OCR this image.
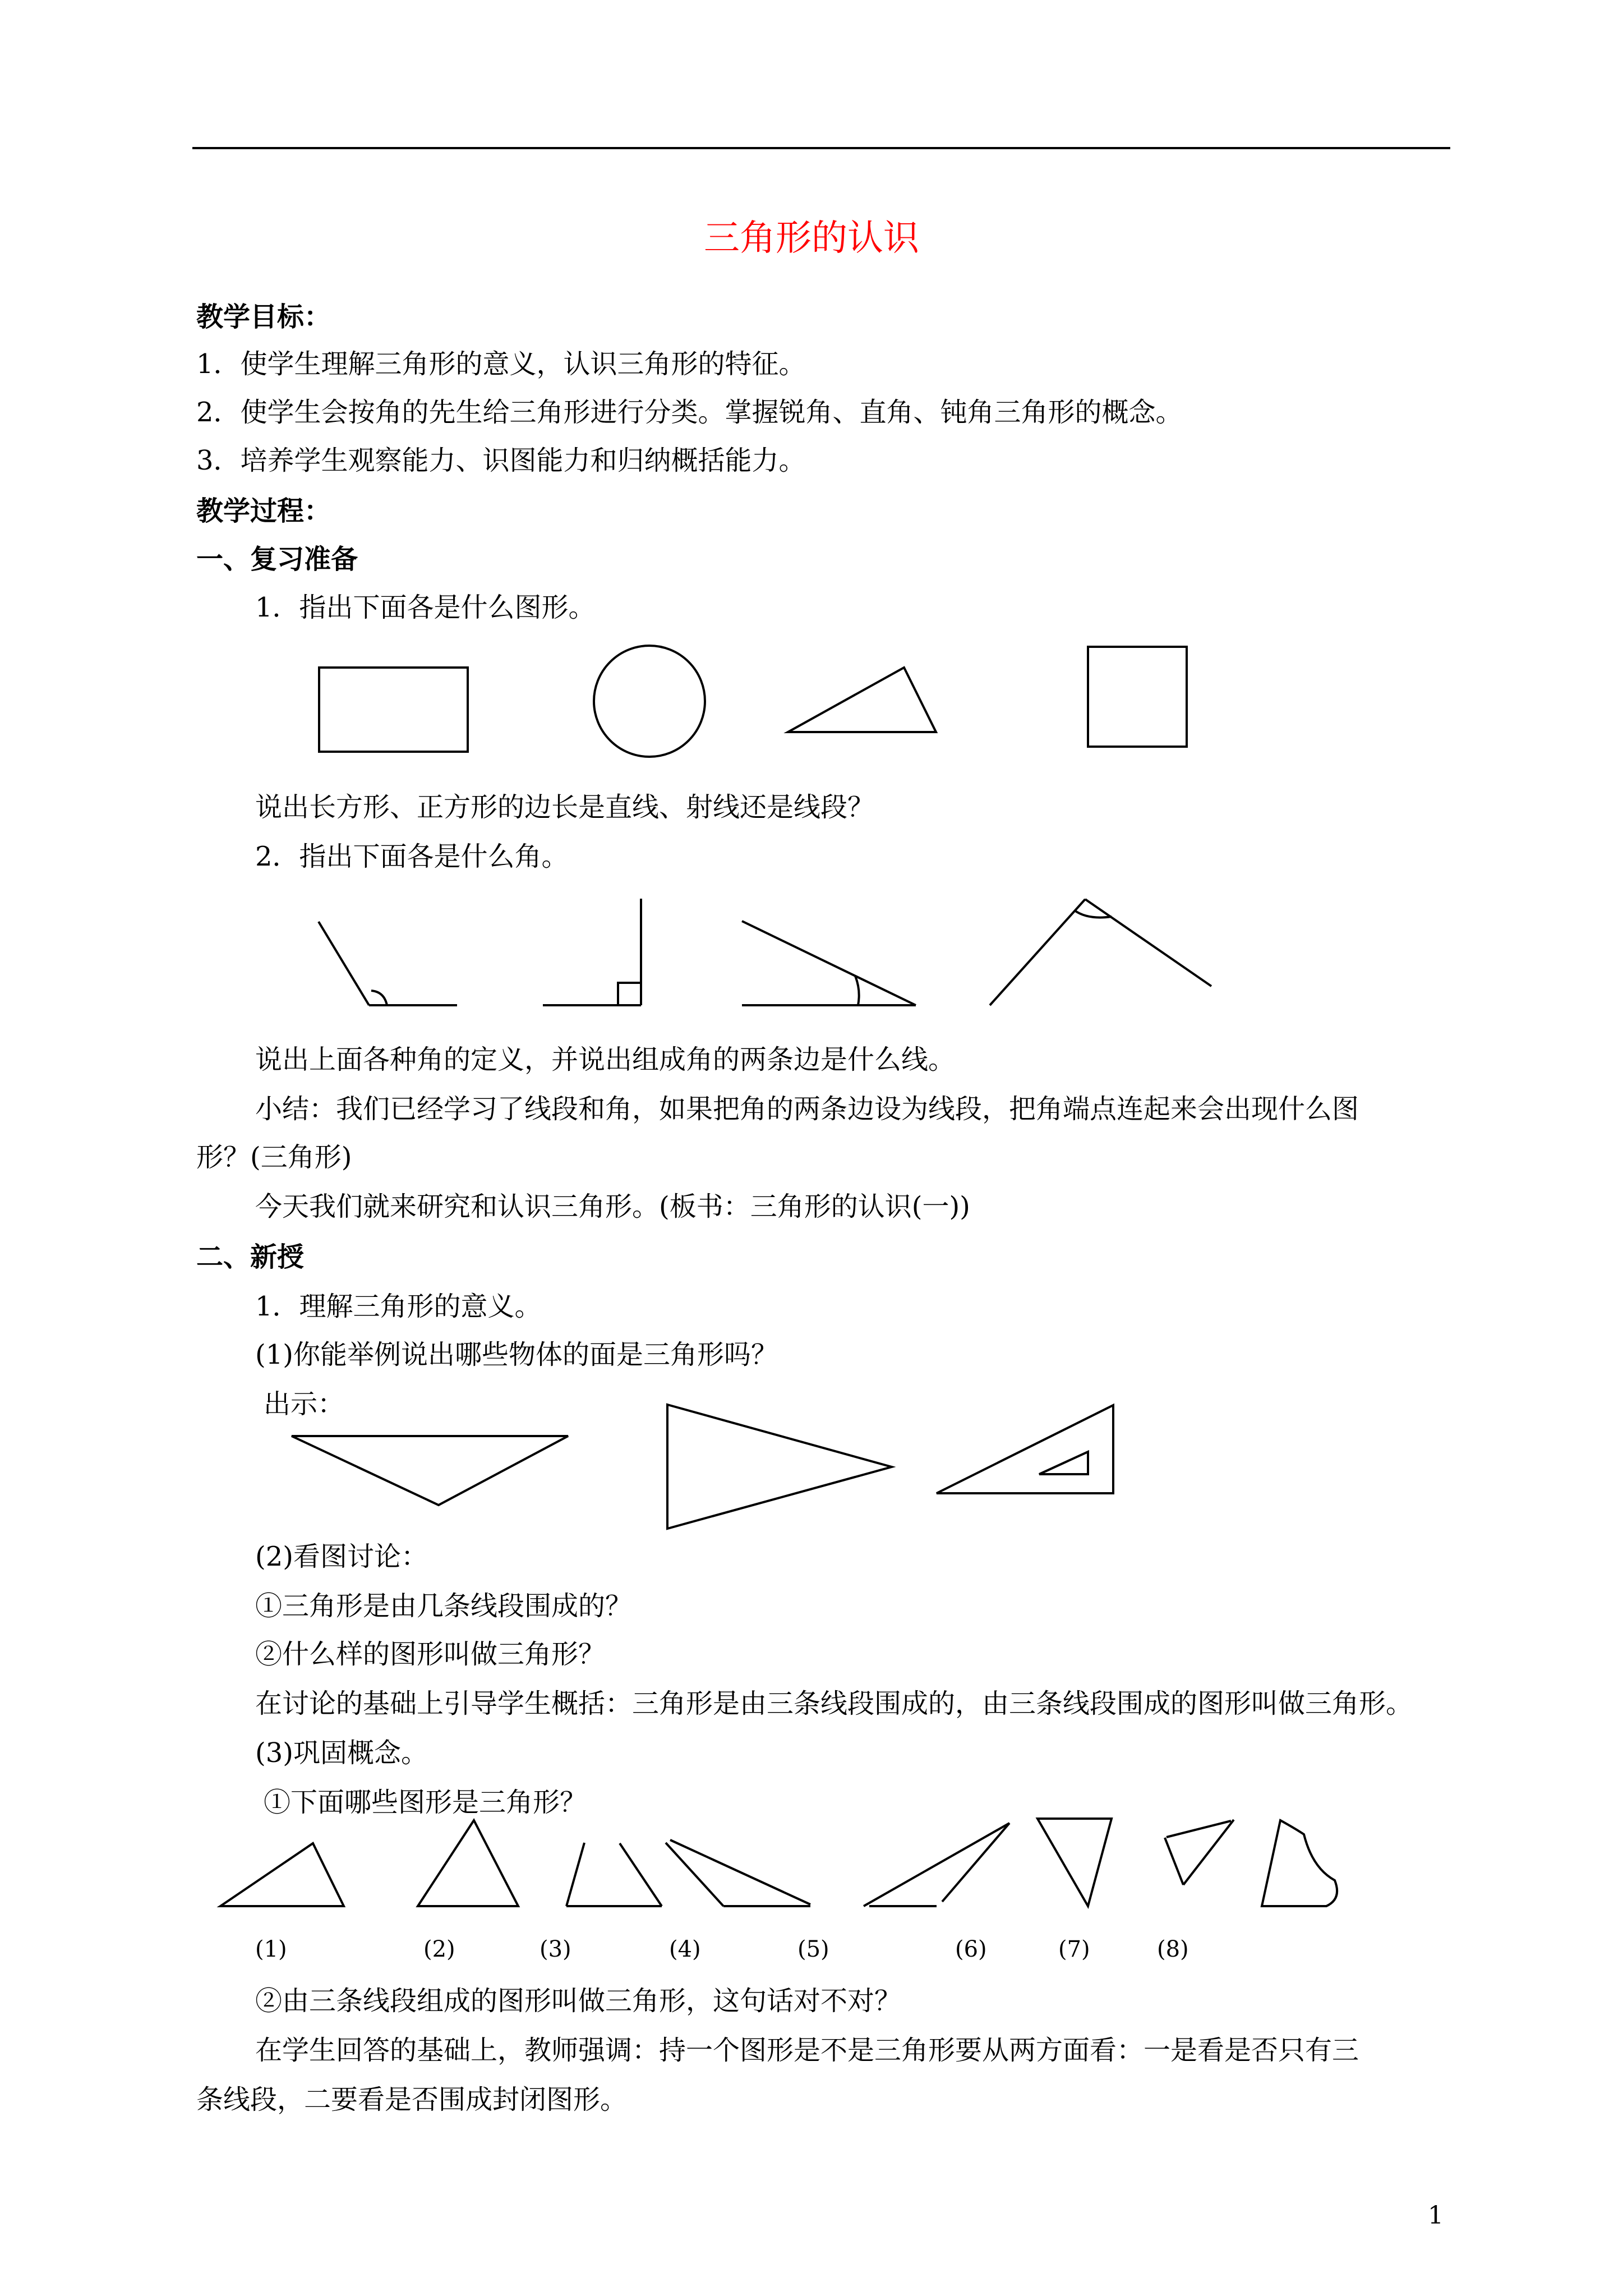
三角形的认识
教学目标：
1．使学生理解三角形的意义，认识三角形的特征。
2．使学生会按角的先生给三角形进行分类。掌握锐角、直角、钝角三角形的概念。
3．培养学生观察能力、识图能力和归纳概括能力。
教学过程：
一、复习准备
1．指出下面各是什么图形。
说出长方形、正方形的边长是直线、射线还是线段？
2．指出下面各是什么角。
说出上面各种角的定义，并说出组成角的两条边是什么线。
小结：我们已经学习了线段和角，如果把角的两条边设为线段，把角端点连起来会出现什么图
形？(三角形)
今天我们就来研究和认识三角形。(板书：三角形的认识(一))
二、新授
1．理解三角形的意义。
(1)你能举例说出哪些物体的面是三角形吗？
出示：
(2)看图讨论：
①三角形是由几条线段围成的？
②什么样的图形叫做三角形？
在讨论的基础上引导学生概括：三角形是由三条线段围成的，由三条线段围成的图形叫做三角形。
(3)巩固概念。
①下面哪些图形是三角形？
(1)	(2)	(3)	(4)	(5)	(6)	(7)	(8)
②由三条线段组成的图形叫做三角形，这句话对不对？
在学生回答的基础上，教师强调：持一个图形是不是三角形要从两方面看：一是看是否只有三
条线段，二要看是否围成封闭图形。
1
